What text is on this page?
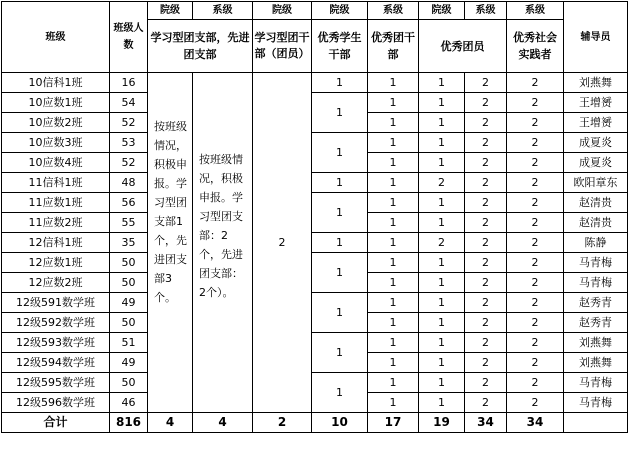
班级	班级人数	院级	系级	院级	院级	系级	院级	系级	系级	辅导员
		学习型团支部，先进团支部		学习型团干部（团员）	优秀学生干部	优秀团干部	优秀团员		优秀社会实践者	
10信科1班	16	按班级情况，积极申报。学习型团支部1个，先进团支部3个。	按班级情况，积极申报。学习型团支部：2个，先进团支部：2个）。	2	1	1	1	2	2	刘燕舞
10应数1班	54				1	1	1	2	2	王增赟
10应数2班	52					1	1	2	2	王增赟
10应数3班	53				1	1	1	2	2	成夏炎
10应数4班	52					1	1	2	2	成夏炎
11信科1班	48				1	1	2	2	2	欧阳章东
11应数1班	56				1	1	1	2	2	赵清贵
11应数2班	55					1	1	2	2	赵清贵
12信科1班	35				1	1	2	2	2	陈静
12应数1班	50				1	1	1	2	2	马青梅
12应数2班	50					1	1	2	2	马青梅
12级591数学班	49				1	1	1	2	2	赵秀青
12级592数学班	50					1	1	2	2	赵秀青
12级593数学班	51				1	1	1	2	2	刘燕舞
12级594数学班	49					1	1	2	2	刘燕舞
12级595数学班	50				1	1	1	2	2	马青梅
12级596数学班	46					1	1	2	2	马青梅
合计	816	4	4	2	10	17	19	34	34	
